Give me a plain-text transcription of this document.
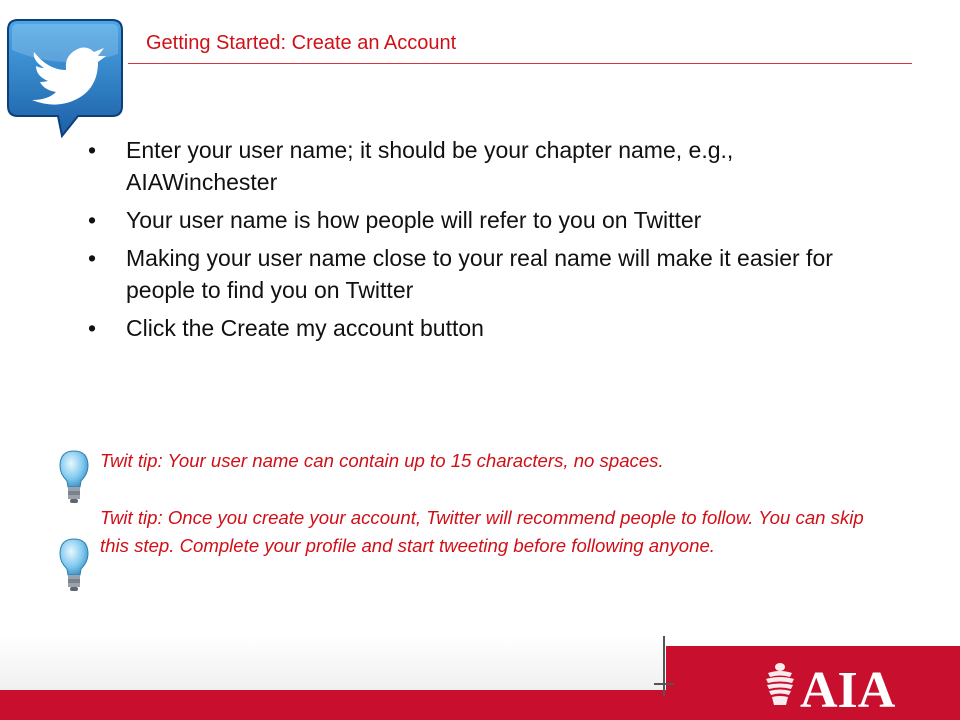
Getting Started: Create an Account
• Enter your user name; it should be your chapter name, e.g., AIAWinchester
• Your user name is how people will refer to you on Twitter
• Making your user name close to your real name will make it easier for people to find you on Twitter
• Click the Create my account button

Twit tip: Your user name can contain up to 15 characters, no spaces.

Twit tip: Once you create your account, Twitter will recommend people to follow. You can skip this step. Complete your profile and start tweeting before following anyone.

AIA
